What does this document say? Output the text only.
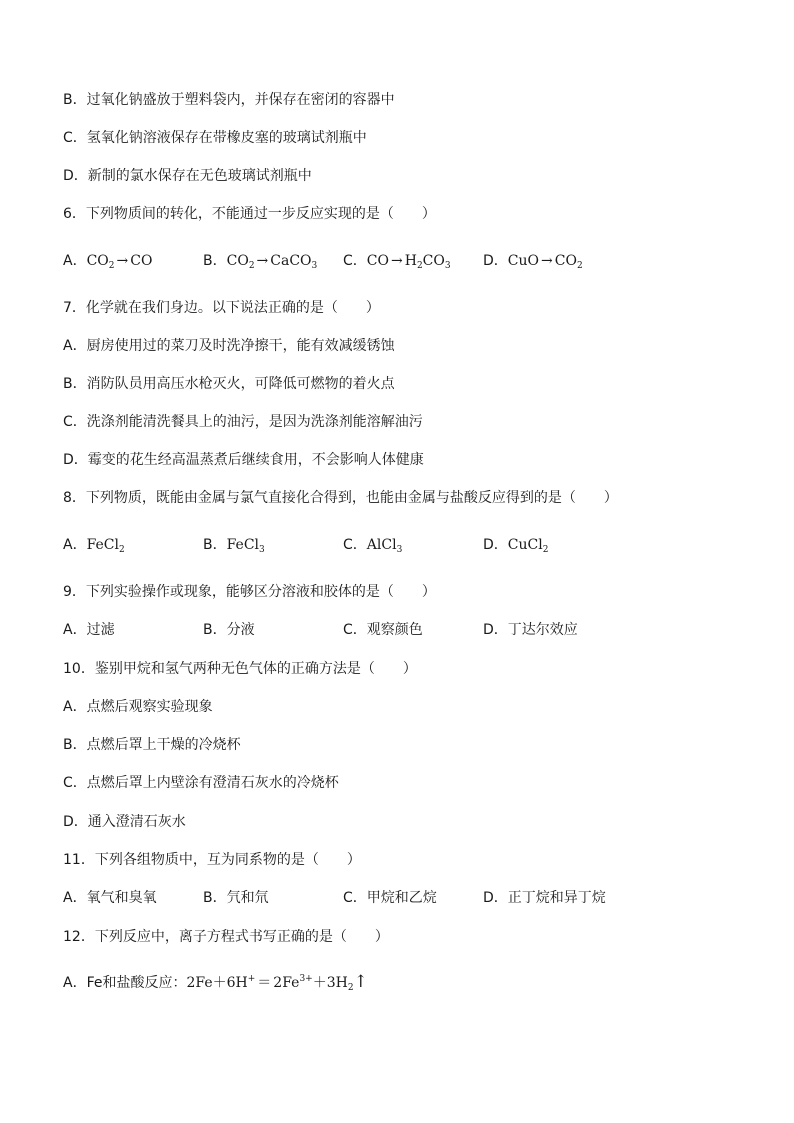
B．过氧化钠盛放于塑料袋内，并保存在密闭的容器中
C．氢氧化钠溶液保存在带橡皮塞的玻璃试剂瓶中
D．新制的氯水保存在无色玻璃试剂瓶中
6．下列物质间的转化，不能通过一步反应实现的是（　　）
A．$CO_2$ → CO	B．$CO_2$ → CaCO$_3$ C．CO → $H_2CO_3$ D．CuO → $CO_2$
7．化学就在我们身边。以下说法正确的是（　　）
A．厨房使用过的菜刀及时洗净擦干，能有效减缓锈蚀
B．消防队员用高压水枪灭火，可降低可燃物的着火点
C．洗涤剂能清洗餐具上的油污，是因为洗涤剂能溶解油污
D．霉变的花生经高温蒸煮后继续食用，不会影响人体健康
8．下列物质，既能由金属与氯气直接化合得到，也能由金属与盐酸反应得到的是（　　）
A．FeCl$_2$	B．FeCl$_3$	C．AlCl$_3$	D．CuCl$_2$
9．下列实验操作或现象，能够区分溶液和胶体的是（　　）
A．过滤	B．分液	C．观察颜色	D．丁达尔效应
10．鉴别甲烷和氢气两种无色气体的正确方法是（　　）
A．点燃后观察实验现象
B．点燃后罩上干燥的冷烧杯
C．点燃后罩上内壁涂有澄清石灰水的冷烧杯
D．通入澄清石灰水
11．下列各组物质中，互为同系物的是（　　）
A．氧气和臭氧	B．氕和氘	C．甲烷和乙烷	D．正丁烷和异丁烷
12．下列反应中，离子方程式书写正确的是（　　）
A．Fe和盐酸反应：$2Fe+6H^+ = 2Fe^{3+}+3H_2↑$
